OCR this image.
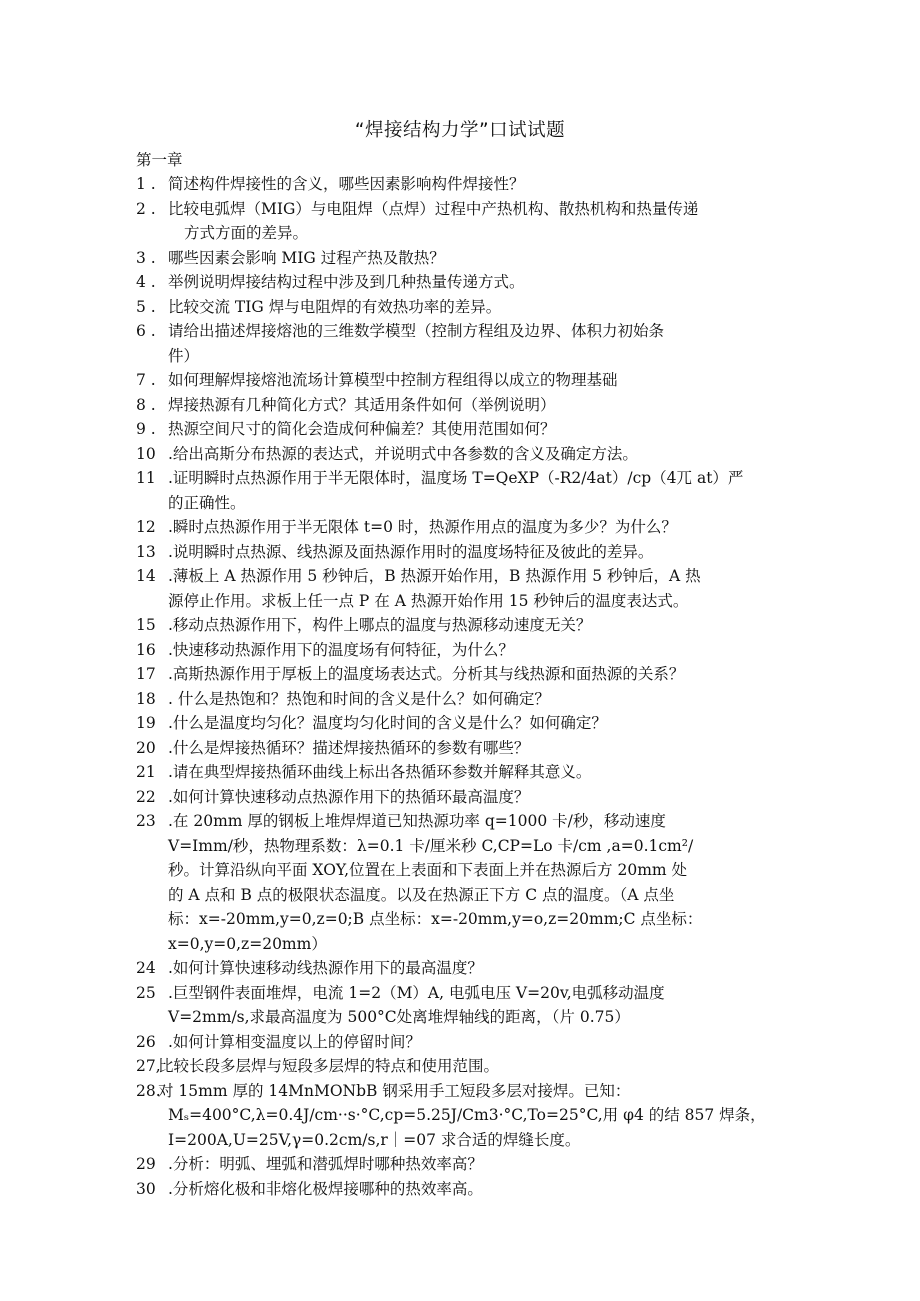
“焊接结构力学”口试试题
第一章
1 . 简述构件焊接性的含义，哪些因素影响构件焊接性？
2 . 比较电弧焊（MIG）与电阻焊（点焊）过程中产热机构、散热机构和热量传递
方式方面的差异。
3 . 哪些因素会影响 MIG 过程产热及散热？
4 . 举例说明焊接结构过程中涉及到几种热量传递方式。
5 . 比较交流 TIG 焊与电阻焊的有效热功率的差异。
6 . 请给出描述焊接熔池的三维数学模型（控制方程组及边界、体积力初始条
件）
7 . 如何理解焊接熔池流场计算模型中控制方程组得以成立的物理基础
8 . 焊接热源有几种简化方式？其适用条件如何（举例说明）
9 . 热源空间尺寸的简化会造成何种偏差？其使用范围如何？
10 .给出高斯分布热源的表达式，并说明式中各参数的含义及确定方法。
11 .证明瞬时点热源作用于半无限体时，温度场 T=QeXP（-R2/4at）/cp（4兀 at）严
的正确性。
12 .瞬时点热源作用于半无限体 t=0 时，热源作用点的温度为多少？为什么？
13 .说明瞬时点热源、线热源及面热源作用时的温度场特征及彼此的差异。
14 .薄板上 A 热源作用 5 秒钟后，B 热源开始作用，B 热源作用 5 秒钟后，A 热
源停止作用。求板上任一点 P 在 A 热源开始作用 15 秒钟后的温度表达式。
15 .移动点热源作用下，构件上哪点的温度与热源移动速度无关？
16 .快速移动热源作用下的温度场有何特征，为什么？
17 .高斯热源作用于厚板上的温度场表达式。分析其与线热源和面热源的关系？
18 . 什么是热饱和？热饱和时间的含义是什么？如何确定？
19 .什么是温度均匀化？温度均匀化时间的含义是什么？如何确定？
20 .什么是焊接热循环？描述焊接热循环的参数有哪些？
21 .请在典型焊接热循环曲线上标出各热循环参数并解释其意义。
22 .如何计算快速移动点热源作用下的热循环最高温度？
23 .在 20mm 厚的钢板上堆焊焊道已知热源功率 q=1000 卡/秒，移动速度
V=Imm/秒，热物理系数：λ=0.1 卡/厘米秒 C,CP=Lo 卡/cm ,a=0.1cm²/
秒。计算沿纵向平面 XOY,位置在上表面和下表面上并在热源后方 20mm 处
的 A 点和 B 点的极限状态温度。以及在热源正下方 C 点的温度。（A 点坐
标：x=-20mm,y=0,z=0;B 点坐标：x=-20mm,y=o,z=20mm;C 点坐标：
x=0,y=0,z=20mm）
24 .如何计算快速移动线热源作用下的最高温度？
25 .巨型钢件表面堆焊，电流 1=2（M）A, 电弧电压 V=20v,电弧移动温度
V=2mm/s,求最高温度为 500°C处离堆焊轴线的距离，（片 0.75）
26 .如何计算相变温度以上的停留时间？
27,
比较长段多层焊与短段多层焊的特点和使用范围。
28.
对 15mm 厚的 14MnMONbB 钢采用手工短段多层对接焊。已知：
Mₛ=400°C,λ=0.4J/cm··s·°C,cp=5.25J/Cm3·°C,To=25°C,用 φ4 的结 857 焊条，
I=200A,U=25V,γ=0.2cm/s,r｜=07 求合适的焊缝长度。
29 .分析：明弧、埋弧和潜弧焊时哪种热效率高？
30 .分析熔化极和非熔化极焊接哪种的热效率高。
